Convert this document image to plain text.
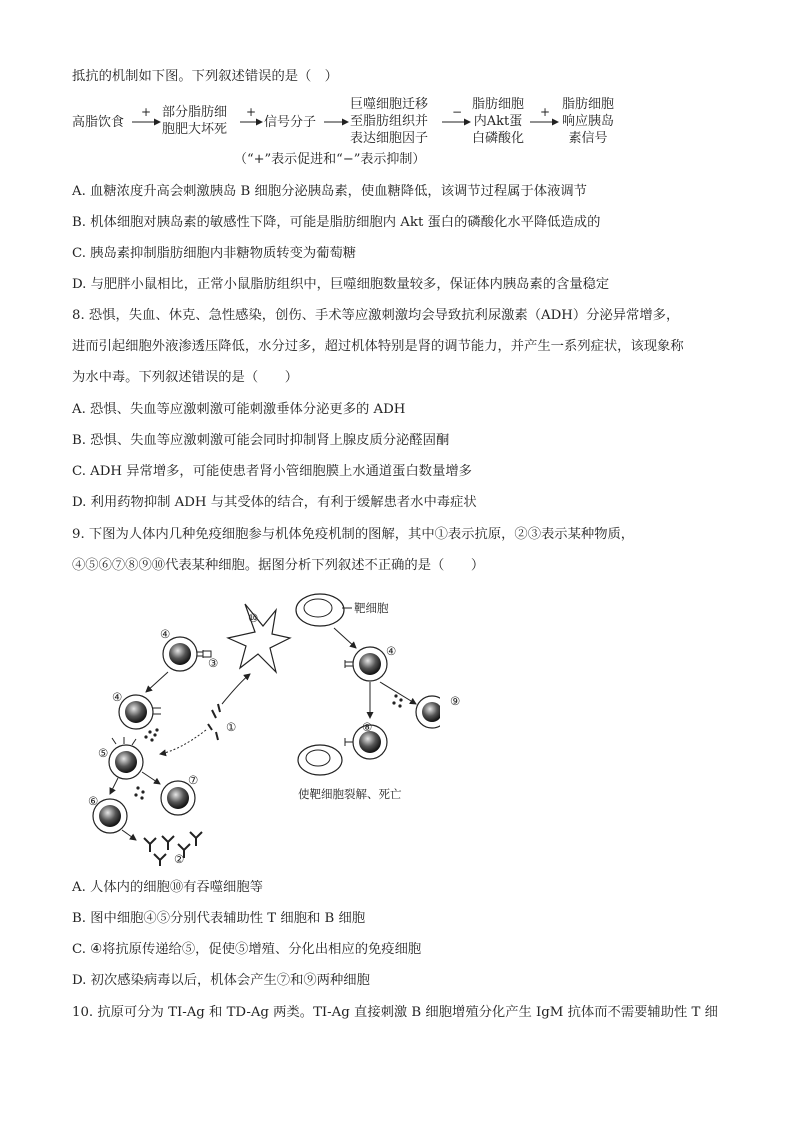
抵抗的机制如下图。下列叙述错误的是（　）
高脂饮食
+ 部分脂肪细
胞肥大坏死
+
信号分子
巨噬细胞迁移
至脂肪组织并
表达细胞因子
− 脂肪细胞
内Akt蛋
白磷酸化
+ 脂肪细胞
响应胰岛
素信号
（“+”表示促进和“−”表示抑制）
A. 血糖浓度升高会刺激胰岛 B 细胞分泌胰岛素，使血糖降低，该调节过程属于体液调节
B. 机体细胞对胰岛素的敏感性下降，可能是脂肪细胞内 Akt 蛋白的磷酸化水平降低造成的
C. 胰岛素抑制脂肪细胞内非糖物质转变为葡萄糖
D. 与肥胖小鼠相比，正常小鼠脂肪组织中，巨噬细胞数量较多，保证体内胰岛素的含量稳定
8. 恐惧，失血、休克、急性感染，创伤、手术等应激刺激均会导致抗利尿激素（ADH）分泌异常增多，
进而引起细胞外液渗透压降低，水分过多，超过机体特别是肾的调节能力，并产生一系列症状，该现象称
为水中毒。下列叙述错误的是（　　）
A. 恐惧、失血等应激刺激可能刺激垂体分泌更多的 ADH
B. 恐惧、失血等应激刺激可能会同时抑制肾上腺皮质分泌醛固酮
C. ADH 异常增多，可能使患者肾小管细胞膜上水通道蛋白数量增多
D. 利用药物抑制 ADH 与其受体的结合，有利于缓解患者水中毒症状
9. 下图为人体内几种免疫细胞参与机体免疫机制的图解，其中①表示抗原，②③表示某种物质，
④⑤⑥⑦⑧⑨⑩代表某种细胞。据图分析下列叙述不正确的是（　　）
④
⑩
③
④
①
⑤
⑦
⑥
②
靶细胞
④
⑨
⑧
使靶细胞裂解、死亡
A. 人体内的细胞⑩有吞噬细胞等
B. 图中细胞④⑤分别代表辅助性 T 细胞和 B 细胞
C. ④将抗原传递给⑤，促使⑤增殖、分化出相应的免疫细胞
D. 初次感染病毒以后，机体会产生⑦和⑨两种细胞
10. 抗原可分为 TI-Ag 和 TD-Ag 两类。TI-Ag 直接刺激 B 细胞增殖分化产生 IgM 抗体而不需要辅助性 T 细
